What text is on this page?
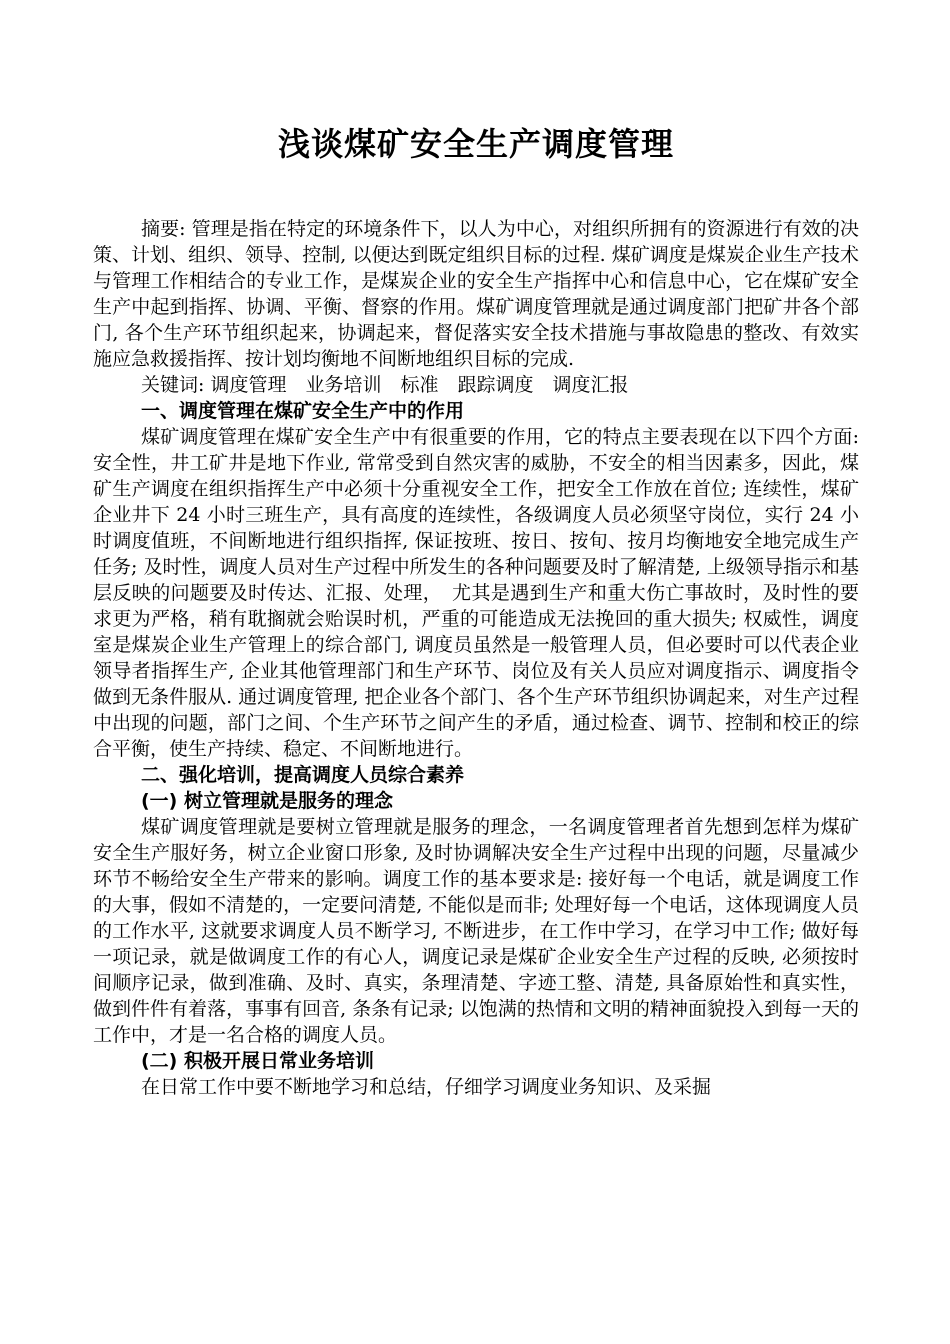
浅谈煤矿安全生产调度管理

摘要: 管理是指在特定的环境条件下，以人为中心，对组织所拥有的资源进行有效的决策、计划、组织、领导、控制, 以便达到既定组织目标的过程. 煤矿调度是煤炭企业生产技术与管理工作相结合的专业工作，是煤炭企业的安全生产指挥中心和信息中心，它在煤矿安全生产中起到指挥、协调、平衡、督察的作用。煤矿调度管理就是通过调度部门把矿井各个部门, 各个生产环节组织起来，协调起来，督促落实安全技术措施与事故隐患的整改、有效实施应急救援指挥、按计划均衡地不间断地组织目标的完成.

关键词: 调度管理　业务培训　标准　跟踪调度　调度汇报

一、调度管理在煤矿安全生产中的作用

煤矿调度管理在煤矿安全生产中有很重要的作用，它的特点主要表现在以下四个方面: 安全性，井工矿井是地下作业, 常常受到自然灾害的威胁，不安全的相当因素多，因此，煤矿生产调度在组织指挥生产中必须十分重视安全工作，把安全工作放在首位; 连续性，煤矿企业井下 24 小时三班生产，具有高度的连续性，各级调度人员必须坚守岗位，实行 24 小时调度值班，不间断地进行组织指挥, 保证按班、按日、按旬、按月均衡地安全地完成生产任务; 及时性，调度人员对生产过程中所发生的各种问题要及时了解清楚, 上级领导指示和基层反映的问题要及时传达、汇报、处理，　尤其是遇到生产和重大伤亡事故时，及时性的要求更为严格，稍有耽搁就会贻误时机，严重的可能造成无法挽回的重大损失; 权威性，调度室是煤炭企业生产管理上的综合部门, 调度员虽然是一般管理人员，但必要时可以代表企业领导者指挥生产, 企业其他管理部门和生产环节、岗位及有关人员应对调度指示、调度指令做到无条件服从. 通过调度管理, 把企业各个部门、各个生产环节组织协调起来，对生产过程中出现的问题，部门之间、个生产环节之间产生的矛盾，通过检查、调节、控制和校正的综合平衡，使生产持续、稳定、不间断地进行。

二、强化培训，提高调度人员综合素养

(一) 树立管理就是服务的理念

煤矿调度管理就是要树立管理就是服务的理念，一名调度管理者首先想到怎样为煤矿安全生产服好务，树立企业窗口形象, 及时协调解决安全生产过程中出现的问题，尽量减少环节不畅给安全生产带来的影响。调度工作的基本要求是: 接好每一个电话，就是调度工作的大事，假如不清楚的，一定要问清楚, 不能似是而非; 处理好每一个电话，这体现调度人员的工作水平, 这就要求调度人员不断学习, 不断进步，在工作中学习，在学习中工作; 做好每一项记录，就是做调度工作的有心人，调度记录是煤矿企业安全生产过程的反映, 必须按时间顺序记录，做到准确、及时、真实，条理清楚、字迹工整、清楚, 具备原始性和真实性，做到件件有着落，事事有回音, 条条有记录; 以饱满的热情和文明的精神面貌投入到每一天的工作中，才是一名合格的调度人员。

(二) 积极开展日常业务培训

在日常工作中要不断地学习和总结，仔细学习调度业务知识、及采掘
